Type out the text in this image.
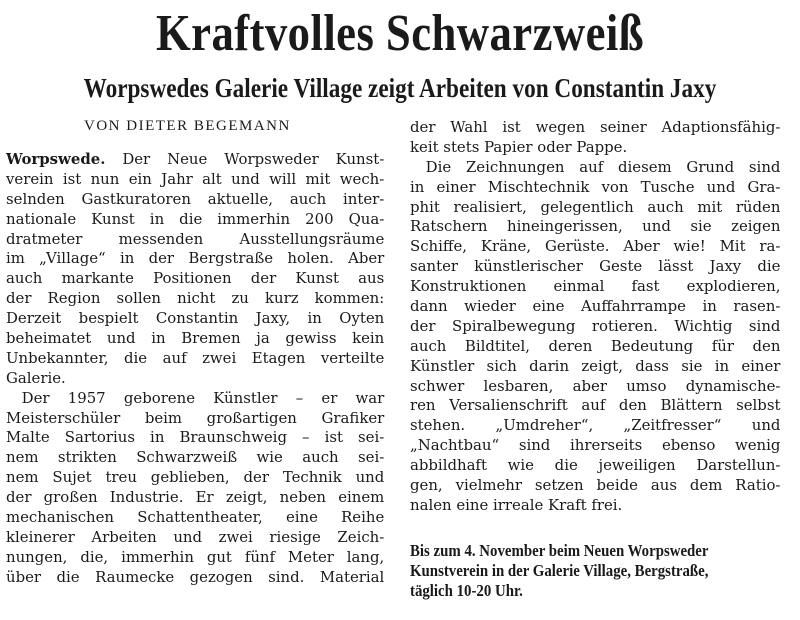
Kraftvolles Schwarzweiß
Worpswedes Galerie Village zeigt Arbeiten von Constantin Jaxy
VON DIETER BEGEMANN
Worpswede. Der Neue Worpsweder Kunst-
verein ist nun ein Jahr alt und will mit wech-
selnden Gastkuratoren aktuelle, auch inter-
nationale Kunst in die immerhin 200 Qua-
dratmeter messenden Ausstellungsräume
im „Village“ in der Bergstraße holen. Aber
auch markante Positionen der Kunst aus
der Region sollen nicht zu kurz kommen:
Derzeit bespielt Constantin Jaxy, in Oyten
beheimatet und in Bremen ja gewiss kein
Unbekannter, die auf zwei Etagen verteilte
Galerie.
Der 1957 geborene Künstler – er war
Meisterschüler beim großartigen Grafiker
Malte Sartorius in Braunschweig – ist sei-
nem strikten Schwarzweiß wie auch sei-
nem Sujet treu geblieben, der Technik und
der großen Industrie. Er zeigt, neben einem
mechanischen Schattentheater, eine Reihe
kleinerer Arbeiten und zwei riesige Zeich-
nungen, die, immerhin gut fünf Meter lang,
über die Raumecke gezogen sind. Material
der Wahl ist wegen seiner Adaptionsfähig-
keit stets Papier oder Pappe.
Die Zeichnungen auf diesem Grund sind
in einer Mischtechnik von Tusche und Gra-
phit realisiert, gelegentlich auch mit rüden
Ratschern hineingerissen, und sie zeigen
Schiffe, Kräne, Gerüste. Aber wie! Mit ra-
santer künstlerischer Geste lässt Jaxy die
Konstruktionen einmal fast explodieren,
dann wieder eine Auffahrrampe in rasen-
der Spiralbewegung rotieren. Wichtig sind
auch Bildtitel, deren Bedeutung für den
Künstler sich darin zeigt, dass sie in einer
schwer lesbaren, aber umso dynamische-
ren Versalienschrift auf den Blättern selbst
stehen. „Umdreher“, „Zeitfresser“ und
„Nachtbau“ sind ihrerseits ebenso wenig
abbildhaft wie die jeweiligen Darstellun-
gen, vielmehr setzen beide aus dem Ratio-
nalen eine irreale Kraft frei.
Bis zum 4. November beim Neuen Worpsweder
Kunstverein in der Galerie Village, Bergstraße,
täglich 10-20 Uhr.
